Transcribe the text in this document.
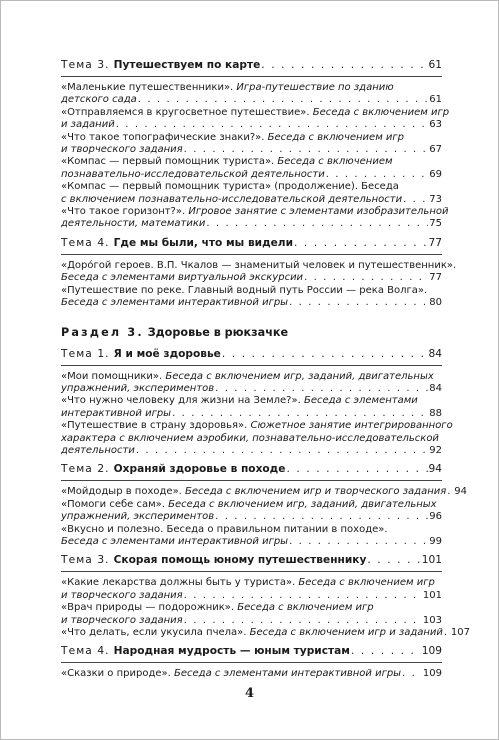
Тема 3. Путешествуем по карте . . .	61
«Маленькие путешественники». Игра-путешествие по зданию
детского сада . . .	61
«Отправляемся в кругосветное путешествие». Беседа с включением игр
и заданий . . .	63
«Что такое топографические знаки?». Беседа с включением игр
и творческого задания . . .	67
«Компас — первый помощник туриста». Беседа с включением
познавательно-исследовательской деятельности . . .	69
«Компас — первый помощник туриста» (продолжение). Беседа
с включением познавательно-исследовательской деятельности . . .	73
«Что такое горизонт?». Игровое занятие с элементами изобразительной
деятельности, математики . . .	75
Тема 4. Где мы были, что мы видели . . .	77
«Доро́гой героев. В.П. Чкалов — знаменитый человек и путешественник».
Беседа с элементами виртуальной экскурсии . . .	77
«Путешествие по реке. Главный водный путь России — река Волга».
Беседа с элементами интерактивной игры . . .	80
Раздел 3. Здоровье в рюкзачке
Тема 1. Я и моё здоровье . . .	84
«Мои помощники». Беседа с включением игр, заданий, двигательных
упражнений, экспериментов . . .	84
«Что нужно человеку для жизни на Земле?». Беседа с элементами
интерактивной игры . . .	88
«Путешествие в страну здоровья». Сюжетное занятие интегрированного
характера с включением аэробики, познавательно-исследовательской
деятельности . . .	92
Тема 2. Охраняй здоровье в походе . . .	94
«Мойдодыр в походе». Беседа с включением игр и творческого задания . . . 94
«Помоги себе сам». Беседа с включением игр, заданий, двигательных
упражнений, экспериментов . . .	96
«Вкусно и полезно. Беседа о правильном питании в походе».
Беседа с элементами интерактивной игры . . .	99
Тема 3. Скорая помощь юному путешественнику . . .	101
«Какие лекарства должны быть у туриста». Беседа с включением игр
и творческого задания . . .	101
«Врач природы — подорожник». Беседа с включением игр
и творческого задания . . .	103
«Что делать, если укусила пчела». Беседа с включением игр и заданий . . . 107
Тема 4. Народная мудрость — юным туристам . . .	109
«Сказки о природе». Беседа с элементами интерактивной игры . . . 109
4
